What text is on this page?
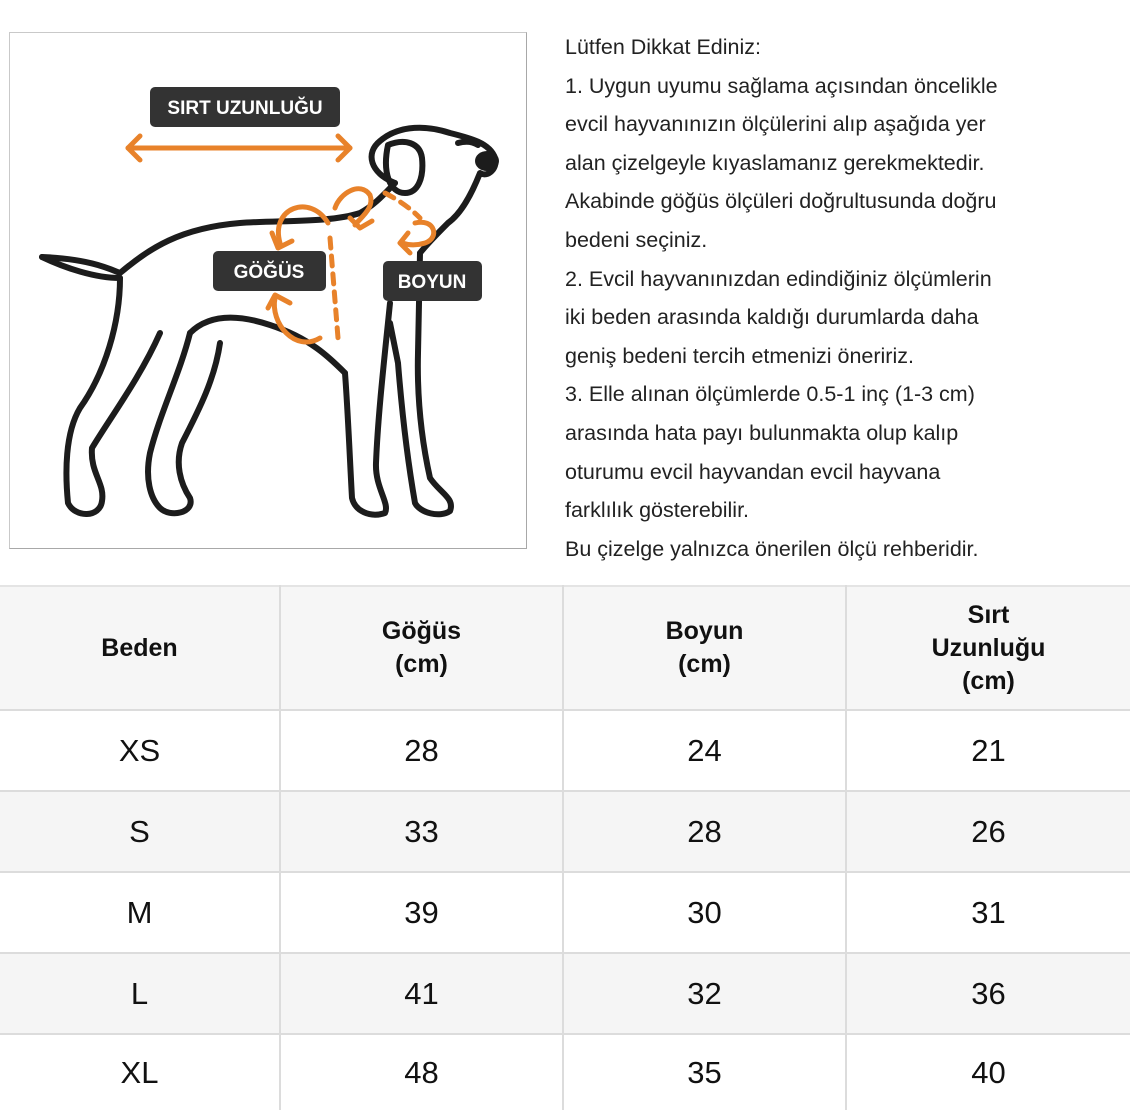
SIRT UZUNLUĞU
GÖĞÜS	BOYUN
Lütfen Dikkat Ediniz:
1. Uygun uyumu sağlama açısından öncelikle
evcil hayvanınızın ölçülerini alıp aşağıda yer
alan çizelgeyle kıyaslamanız gerekmektedir.
Akabinde göğüs ölçüleri doğrultusunda doğru
bedeni seçiniz.
2. Evcil hayvanınızdan edindiğiniz ölçümlerin
iki beden arasında kaldığı durumlarda daha
geniş bedeni tercih etmenizi öneririz.
3. Elle alınan ölçümlerde 0.5-1 inç (1-3 cm)
arasında hata payı bulunmakta olup kalıp
oturumu evcil hayvandan evcil hayvana
farklılık gösterebilir.
Bu çizelge yalnızca önerilen ölçü rehberidir.
Beden

Göğüs
(cm)

Boyun
(cm)

Sırt
Uzunluğu
(cm)

XS	28	24	21
S	33	28	26
M	39	30	31
L	41	32	36
XL	48	35	40
